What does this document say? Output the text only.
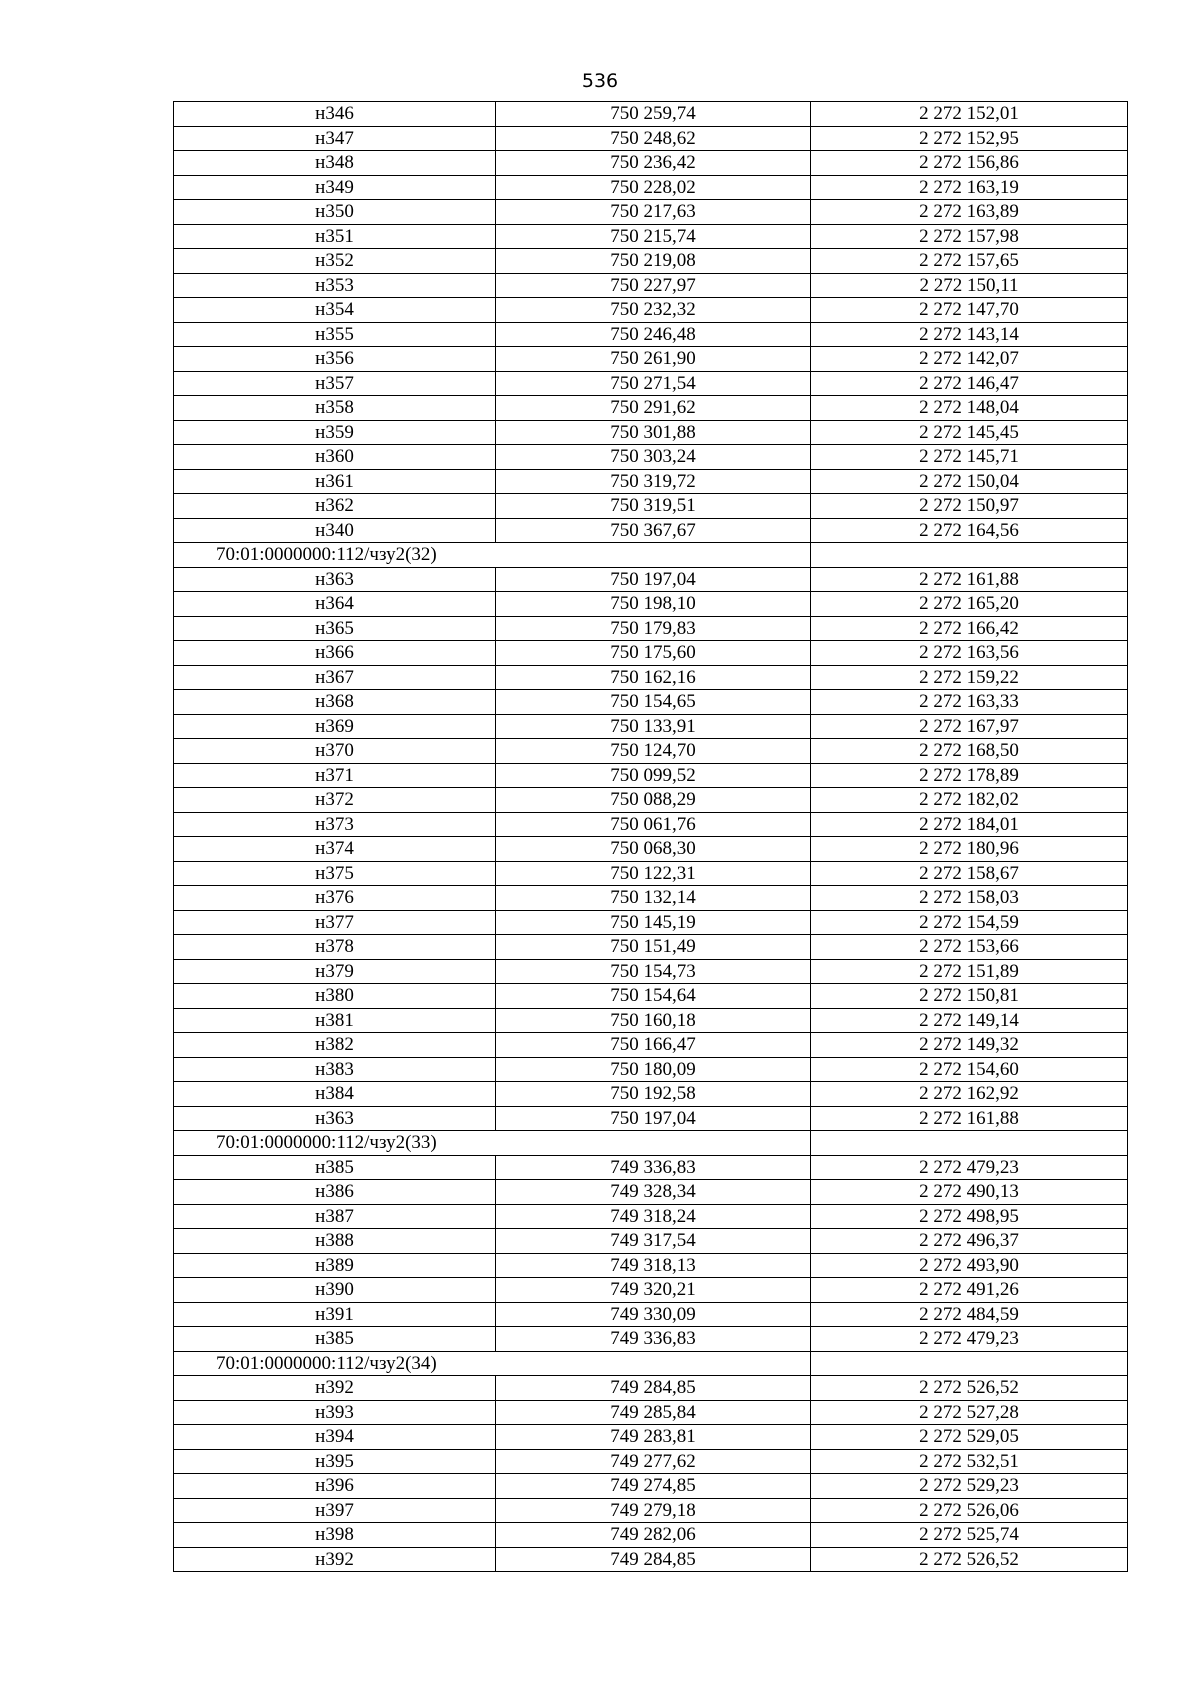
536
н346	750 259,74	2 272 152,01
н347	750 248,62	2 272 152,95
н348	750 236,42	2 272 156,86
н349	750 228,02	2 272 163,19
н350	750 217,63	2 272 163,89
н351	750 215,74	2 272 157,98
н352	750 219,08	2 272 157,65
н353	750 227,97	2 272 150,11
н354	750 232,32	2 272 147,70
н355	750 246,48	2 272 143,14
н356	750 261,90	2 272 142,07
н357	750 271,54	2 272 146,47
н358	750 291,62	2 272 148,04
н359	750 301,88	2 272 145,45
н360	750 303,24	2 272 145,71
н361	750 319,72	2 272 150,04
н362	750 319,51	2 272 150,97
н340	750 367,67	2 272 164,56
70:01:0000000:112/чзу2(32)		
н363	750 197,04	2 272 161,88
н364	750 198,10	2 272 165,20
н365	750 179,83	2 272 166,42
н366	750 175,60	2 272 163,56
н367	750 162,16	2 272 159,22
н368	750 154,65	2 272 163,33
н369	750 133,91	2 272 167,97
н370	750 124,70	2 272 168,50
н371	750 099,52	2 272 178,89
н372	750 088,29	2 272 182,02
н373	750 061,76	2 272 184,01
н374	750 068,30	2 272 180,96
н375	750 122,31	2 272 158,67
н376	750 132,14	2 272 158,03
н377	750 145,19	2 272 154,59
н378	750 151,49	2 272 153,66
н379	750 154,73	2 272 151,89
н380	750 154,64	2 272 150,81
н381	750 160,18	2 272 149,14
н382	750 166,47	2 272 149,32
н383	750 180,09	2 272 154,60
н384	750 192,58	2 272 162,92
н363	750 197,04	2 272 161,88
70:01:0000000:112/чзу2(33)		
н385	749 336,83	2 272 479,23
н386	749 328,34	2 272 490,13
н387	749 318,24	2 272 498,95
н388	749 317,54	2 272 496,37
н389	749 318,13	2 272 493,90
н390	749 320,21	2 272 491,26
н391	749 330,09	2 272 484,59
н385	749 336,83	2 272 479,23
70:01:0000000:112/чзу2(34)		
н392	749 284,85	2 272 526,52
н393	749 285,84	2 272 527,28
н394	749 283,81	2 272 529,05
н395	749 277,62	2 272 532,51
н396	749 274,85	2 272 529,23
н397	749 279,18	2 272 526,06
н398	749 282,06	2 272 525,74
н392	749 284,85	2 272 526,52
